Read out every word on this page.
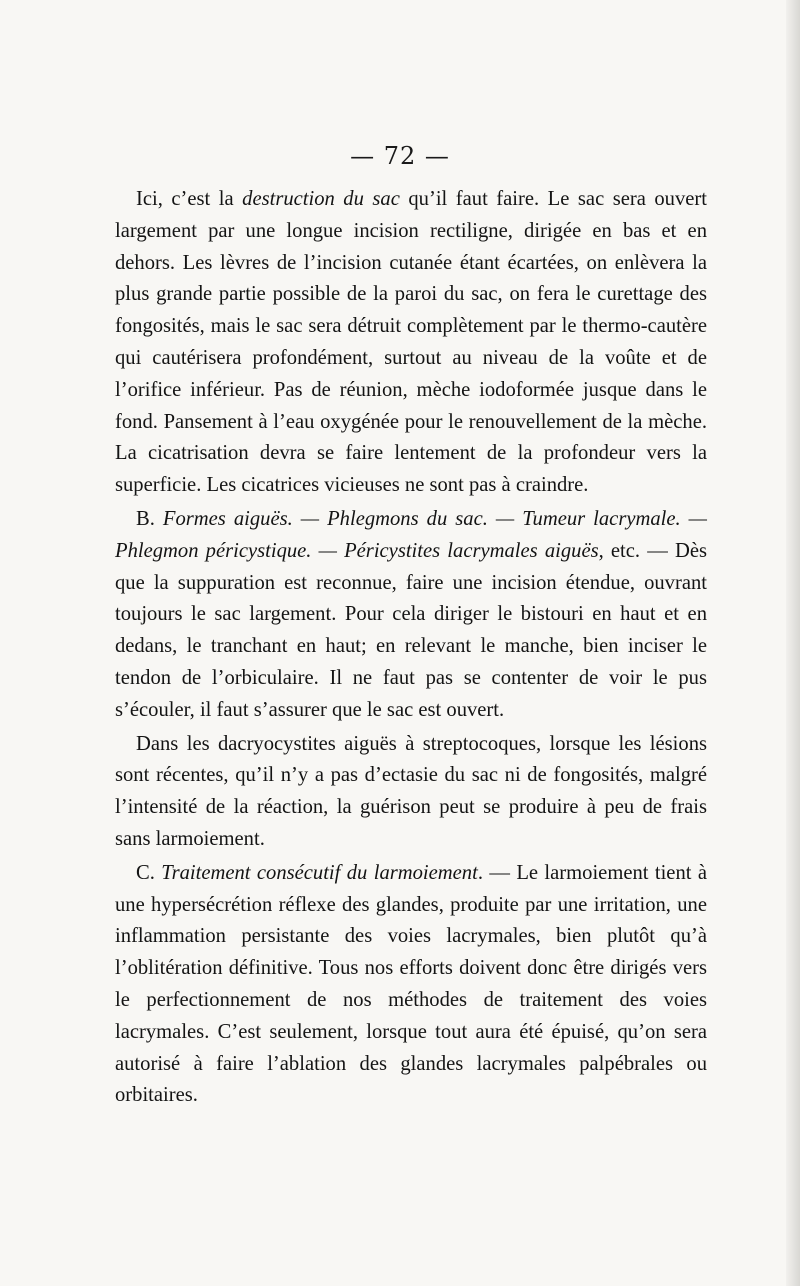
— 72 —

Ici, c’est la destruction du sac qu’il faut faire. Le sac sera ouvert largement par une longue incision rectiligne, dirigée en bas et en dehors. Les lèvres de l’incision cutanée étant écartées, on enlèvera la plus grande partie possible de la paroi du sac, on fera le curettage des fongosités, mais le sac sera détruit complètement par le thermo-cautère qui cautérisera profondément, surtout au niveau de la voûte et de l’orifice inférieur. Pas de réunion, mèche iodoformée jusque dans le fond. Pansement à l’eau oxygénée pour le renouvellement de la mèche. La cicatrisation devra se faire lentement de la profondeur vers la superficie. Les cicatrices vicieuses ne sont pas à craindre.

B. Formes aiguës. — Phlegmons du sac. — Tumeur lacrymale. — Phlegmon péricystique. — Péricystites lacrymales aiguës, etc. — Dès que la suppuration est reconnue, faire une incision étendue, ouvrant toujours le sac largement. Pour cela diriger le bistouri en haut et en dedans, le tranchant en haut; en relevant le manche, bien inciser le tendon de l’orbiculaire. Il ne faut pas se contenter de voir le pus s’écouler, il faut s’assurer que le sac est ouvert.

Dans les dacryocystites aiguës à streptocoques, lorsque les lésions sont récentes, qu’il n’y a pas d’ectasie du sac ni de fongosités, malgré l’intensité de la réaction, la guérison peut se produire à peu de frais sans larmoiement.

C. Traitement consécutif du larmoiement. — Le larmoiement tient à une hypersécrétion réflexe des glandes, produite par une irritation, une inflammation persistante des voies lacrymales, bien plutôt qu’à l’oblitération définitive. Tous nos efforts doivent donc être dirigés vers le perfectionnement de nos méthodes de traitement des voies lacrymales. C’est seulement, lorsque tout aura été épuisé, qu’on sera autorisé à faire l’ablation des glandes lacrymales palpébrales ou orbitaires.
